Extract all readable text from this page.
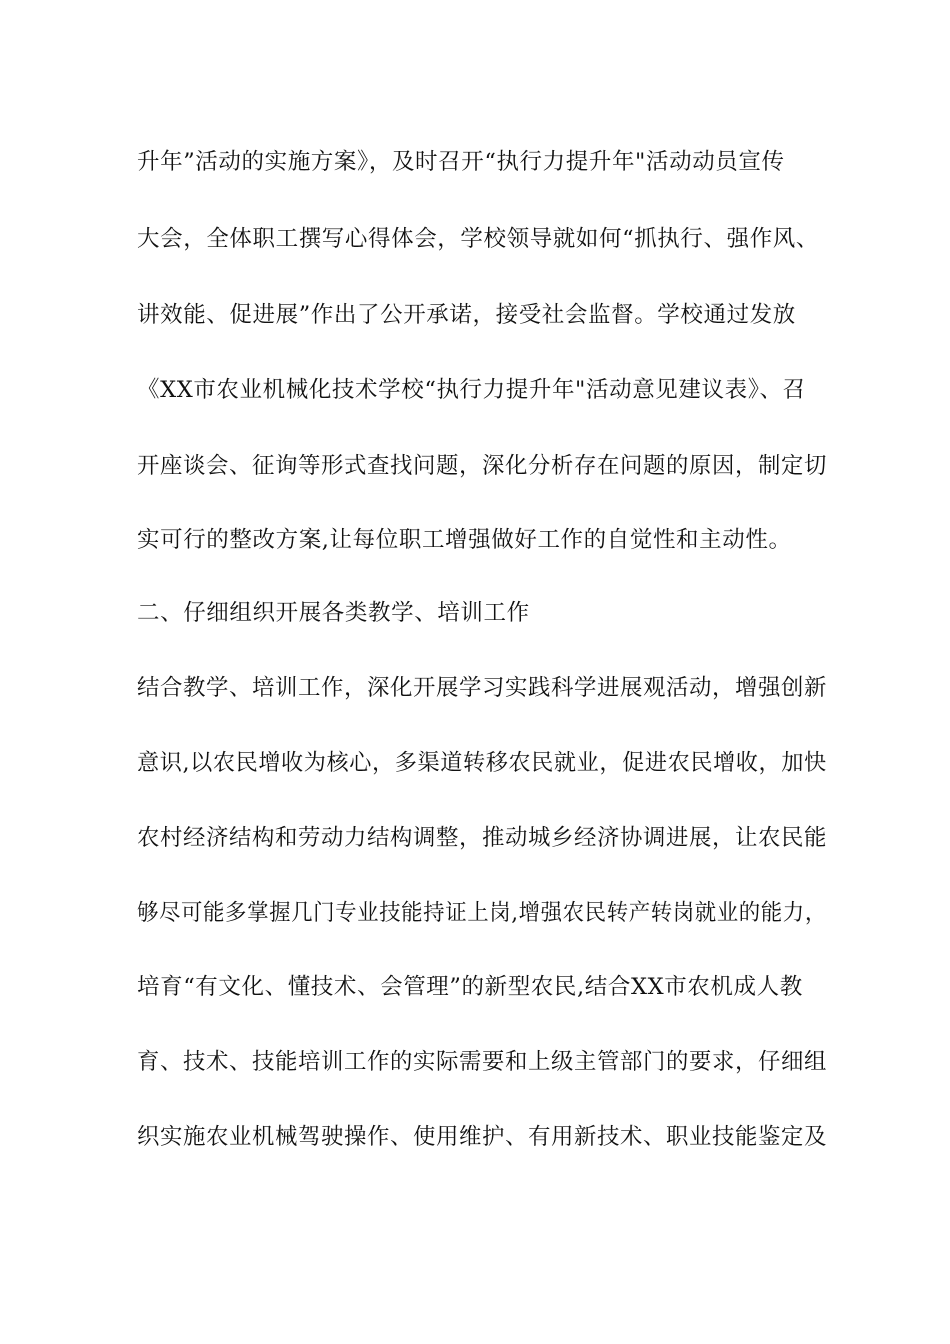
升年”活动的实施方案》，及时召开“执行力提升年"活动动员宣传
大会，全体职工撰写心得体会，学校领导就如何“抓执行、强作风、
讲效能、促进展”作出了公开承诺，接受社会监督。学校通过发放
《XX市农业机械化技术学校“执行力提升年"活动意见建议表》、召
开座谈会、征询等形式查找问题，深化分析存在问题的原因，制定切
实可行的整改方案,让每位职工增强做好工作的自觉性和主动性。
二、仔细组织开展各类教学、培训工作
结合教学、培训工作，深化开展学习实践科学进展观活动，增强创新
意识,以农民增收为核心，多渠道转移农民就业，促进农民增收，加快
农村经济结构和劳动力结构调整，推动城乡经济协调进展，让农民能
够尽可能多掌握几门专业技能持证上岗,增强农民转产转岗就业的能力，
培育“有文化、懂技术、会管理”的新型农民,结合XX市农机成人教
育、技术、技能培训工作的实际需要和上级主管部门的要求，仔细组
织实施农业机械驾驶操作、使用维护、有用新技术、职业技能鉴定及
